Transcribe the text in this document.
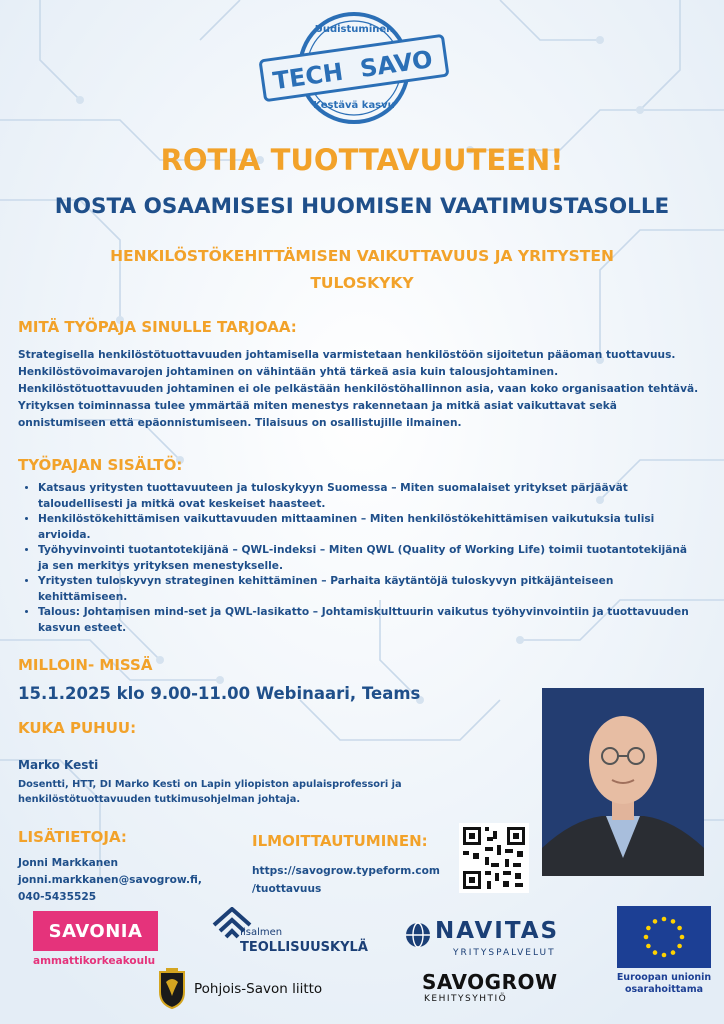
Uudistuminen
TECH SAVO
Kestävä kasvu
ROTIA TUOTTAVUUTEEN!
NOSTA OSAAMISESI HUOMISEN VAATIMUSTASOLLE
HENKILÖSTÖKEHITTÄMISEN VAIKUTTAVUUS JA YRITYSTEN
TULOSKYKY
MITÄ TYÖPAJA SINULLE TARJOAA:
Strategisella henkilöstötuottavuuden johtamisella varmistetaan henkilöstöön sijoitetun pääoman tuottavuus. Henkilöstövoimavarojen johtaminen on vähintään yhtä tärkeä asia kuin talousjohtaminen. Henkilöstötuottavuuden johtaminen ei ole pelkästään henkilöstöhallinnon asia, vaan koko organisaation tehtävä. Yrityksen toiminnassa tulee ymmärtää miten menestys rakennetaan ja mitkä asiat vaikuttavat sekä onnistumiseen että epäonnistumiseen. Tilaisuus on osallistujille ilmainen.
TYÖPAJAN SISÄLTÖ:
• Katsaus yritysten tuottavuuteen ja tuloskykyyn Suomessa – Miten suomalaiset yritykset pärjäävät taloudellisesti ja mitkä ovat keskeiset haasteet.
• Henkilöstökehittämisen vaikuttavuuden mittaaminen – Miten henkilöstökehittämisen vaikutuksia tulisi arvioida.
• Työhyvinvointi tuotantotekijänä – QWL-indeksi – Miten QWL (Quality of Working Life) toimii tuotantotekijänä ja sen merkitys yrityksen menestykselle.
• Yritysten tuloskyvyn strateginen kehittäminen – Parhaita käytäntöjä tuloskyvyn pitkäjänteiseen kehittämiseen.
• Talous: Johtamisen mind-set ja QWL-lasikatto – Johtamiskulttuurin vaikutus työhyvinvointiin ja tuottavuuden kasvun esteet.
MILLOIN- MISSÄ
15.1.2025 klo 9.00-11.00 Webinaari, Teams
KUKA PUHUU:
Marko Kesti
Dosentti, HTT, DI Marko Kesti on Lapin yliopiston apulaisprofessori ja henkilöstötuottavuuden tutkimusohjelman johtaja.
LISÄTIETOJA:
Jonni Markkanen
jonni.markkanen@savogrow.fi,
040-5435525
ILMOITTAUTUMINEN:
https://savogrow.typeform.com
/tuottavuus
SAVONIA
ammattikorkeakoulu
Iisalmen
TEOLLISUUSKYLÄ
NAVITAS
YRITYSPALVELUT
Euroopan unionin
osarahoittama
Pohjois-Savon liitto	SAVOGROW
KEHITYSYHTIÖ
